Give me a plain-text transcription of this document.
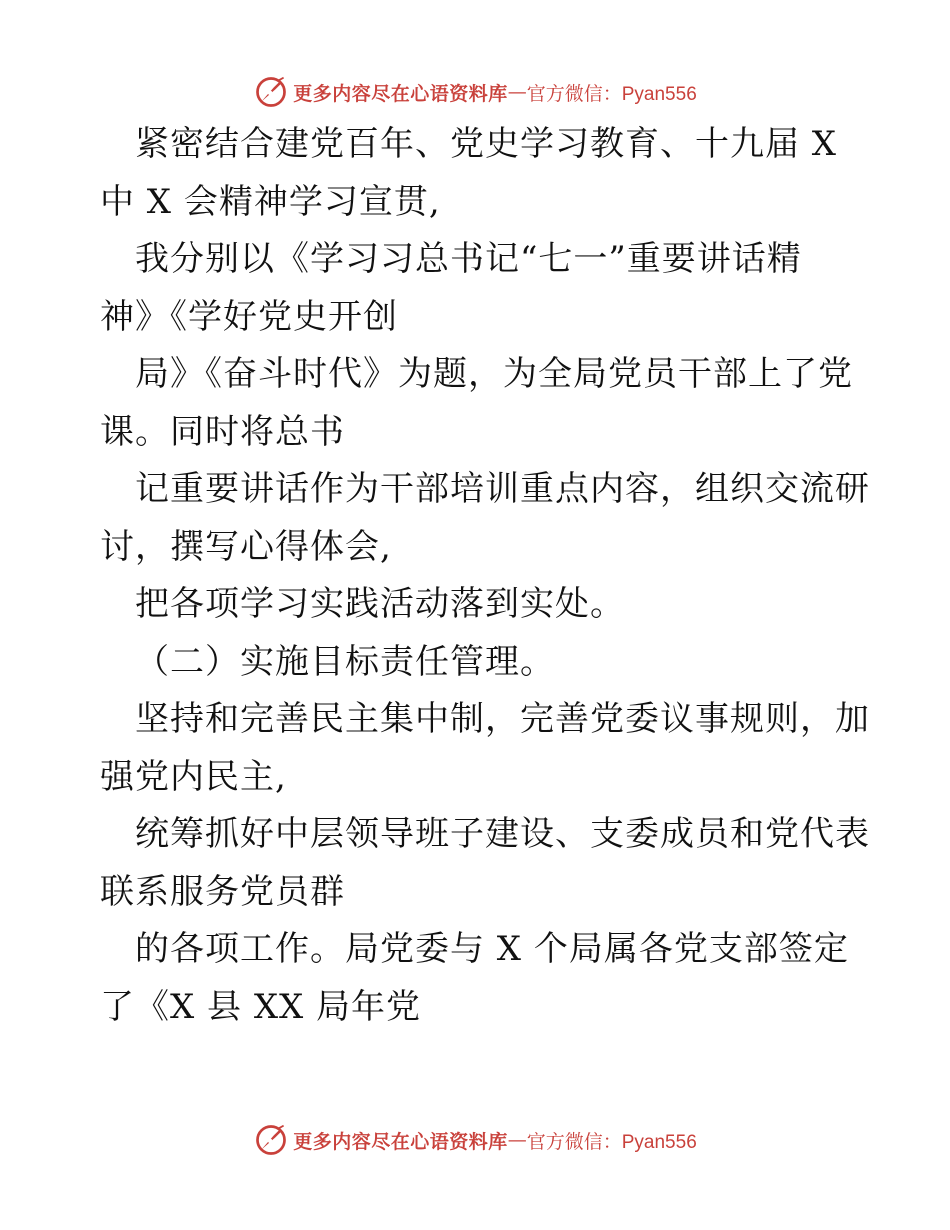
更多内容尽在心语资料库 — 官方微信：Pyan556
紧密结合建党百年、党史学习教育、十九届 X
中 X 会精神学习宣贯,
我分别以《学习习总书记“七一”重要讲话精
神》《学好党史开创
局》《奋斗时代》为题，为全局党员干部上了党
课。同时将总书
记重要讲话作为干部培训重点内容，组织交流研
讨，撰写心得体会,
把各项学习实践活动落到实处。
（二）实施目标责任管理。
坚持和完善民主集中制，完善党委议事规则，加
强党内民主,
统筹抓好中层领导班子建设、支委成员和党代表
联系服务党员群
的各项工作。局党委与 X 个局属各党支部签定
了《X 县 XX 局年党
更多内容尽在心语资料库 — 官方微信：Pyan556
